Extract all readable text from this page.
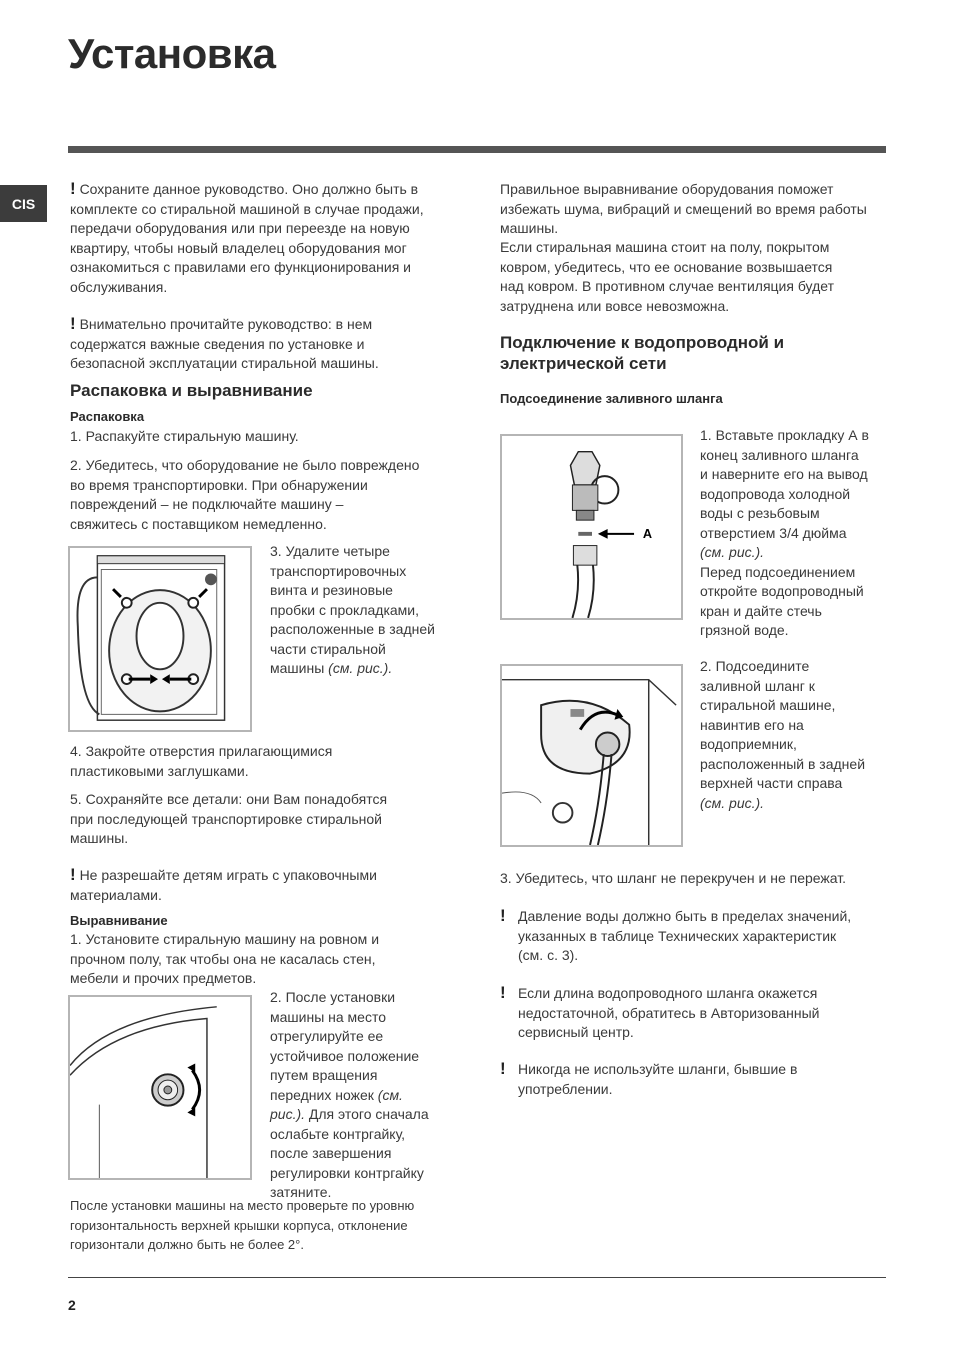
Установка
CIS
! Сохраните данное руководство. Оно должно быть в
комплекте со стиральной машиной в случае продажи,
передачи оборудования или при переезде на новую
квартиру, чтобы новый владелец оборудования мог
ознакомиться с правилами его функционирования и
обслуживания.
! Внимательно прочитайте руководство: в нем
содержатся важные сведения по установке и
безопасной эксплуатации стиральной машины.
Распаковка и выравнивание
Распаковка
1. Распакуйте стиральную машину.
2. Убедитесь, что оборудование не было повреждено
во время транспортировки. При обнаружении
повреждений – не подключайте машину –
свяжитесь с поставщиком немедленно.
3. Удалите четыре
транспортировочных
винта и резиновые
пробки с прокладками,
расположенные в задней
части стиральной
машины (см. рис.).
4. Закройте отверстия прилагающимися
пластиковыми заглушками.
5. Сохраняйте все детали: они Вам понадобятся
при последующей транспортировке стиральной
машины.
! Не разрешайте детям играть с упаковочными
материалами.
Выравнивание
1. Установите стиральную машину на ровном и
прочном полу, так чтобы она не касалась стен,
мебели и прочих предметов.
2. После установки
машины на место
отрегулируйте ее
устойчивое положение
путем вращения
передних ножек (см.
рис.). Для этого сначала
ослабьте контргайку,
после завершения
регулировки контргайку
затяните.
После установки машины на место проверьте по уровню
горизонтальность верхней крышки корпуса, отклонение
горизонтали должно быть не более 2°.
Правильное выравнивание оборудования поможет
избежать шума, вибраций и смещений во время работы
машины.
Если стиральная машина стоит на полу, покрытом
ковром, убедитесь, что ее основание возвышается
над ковром. В противном случае вентиляция будет
затруднена или вовсе невозможна.
Подключение к водопроводной и
электрической сети
Подсоединение заливного шланга
A
1. Вставьте прокладку А в
конец заливного шланга
и наверните его на вывод
водопровода холодной
воды с резьбовым
отверстием 3/4 дюйма
(см. рис.).
Перед подсоединением
откройте водопроводный
кран и дайте стечь
грязной воде.
2. Подсоедините
заливной шланг к
стиральной машине,
навинтив его на
водоприемник,
расположенный в задней
верхней части справа
(см. рис.).
3. Убедитесь, что шланг не перекручен и не пережат.
! Давление воды должно быть в пределах значений,
указанных в таблице Технических характеристик
(см. с. 3).
! Если длина водопроводного шланга окажется
недостаточной, обратитесь в Авторизованный
сервисный центр.
! Никогда не используйте шланги, бывшие в
употреблении.
2
